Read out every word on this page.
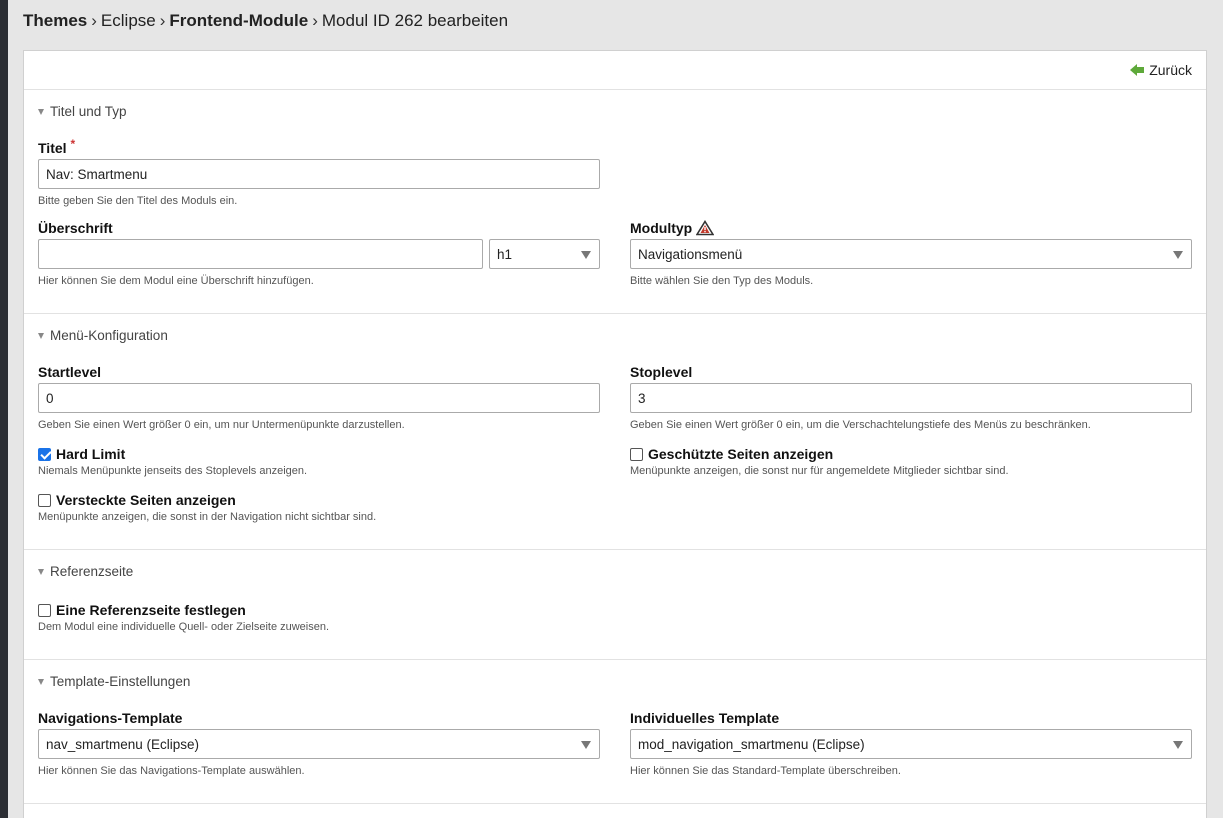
Themes › Eclipse › Frontend-Module › Modul ID 262 bearbeiten
Zurück
Titel und Typ
Titel *
Nav: Smartmenu
Bitte geben Sie den Titel des Moduls ein.
Überschrift
h1
Hier können Sie dem Modul eine Überschrift hinzufügen.
Modultyp
Navigationsmenü
Bitte wählen Sie den Typ des Moduls.
Menü-Konfiguration
Startlevel
0
Geben Sie einen Wert größer 0 ein, um nur Untermenüpunkte darzustellen.
Stoplevel
3
Geben Sie einen Wert größer 0 ein, um die Verschachtelungstiefe des Menüs zu beschränken.
Hard Limit
Niemals Menüpunkte jenseits des Stoplevels anzeigen.
Geschützte Seiten anzeigen
Menüpunkte anzeigen, die sonst nur für angemeldete Mitglieder sichtbar sind.
Versteckte Seiten anzeigen
Menüpunkte anzeigen, die sonst in der Navigation nicht sichtbar sind.
Referenzseite
Eine Referenzseite festlegen
Dem Modul eine individuelle Quell- oder Zielseite zuweisen.
Template-Einstellungen
Navigations-Template
nav_smartmenu (Eclipse)
Hier können Sie das Navigations-Template auswählen.
Individuelles Template
mod_navigation_smartmenu (Eclipse)
Hier können Sie das Standard-Template überschreiben.
